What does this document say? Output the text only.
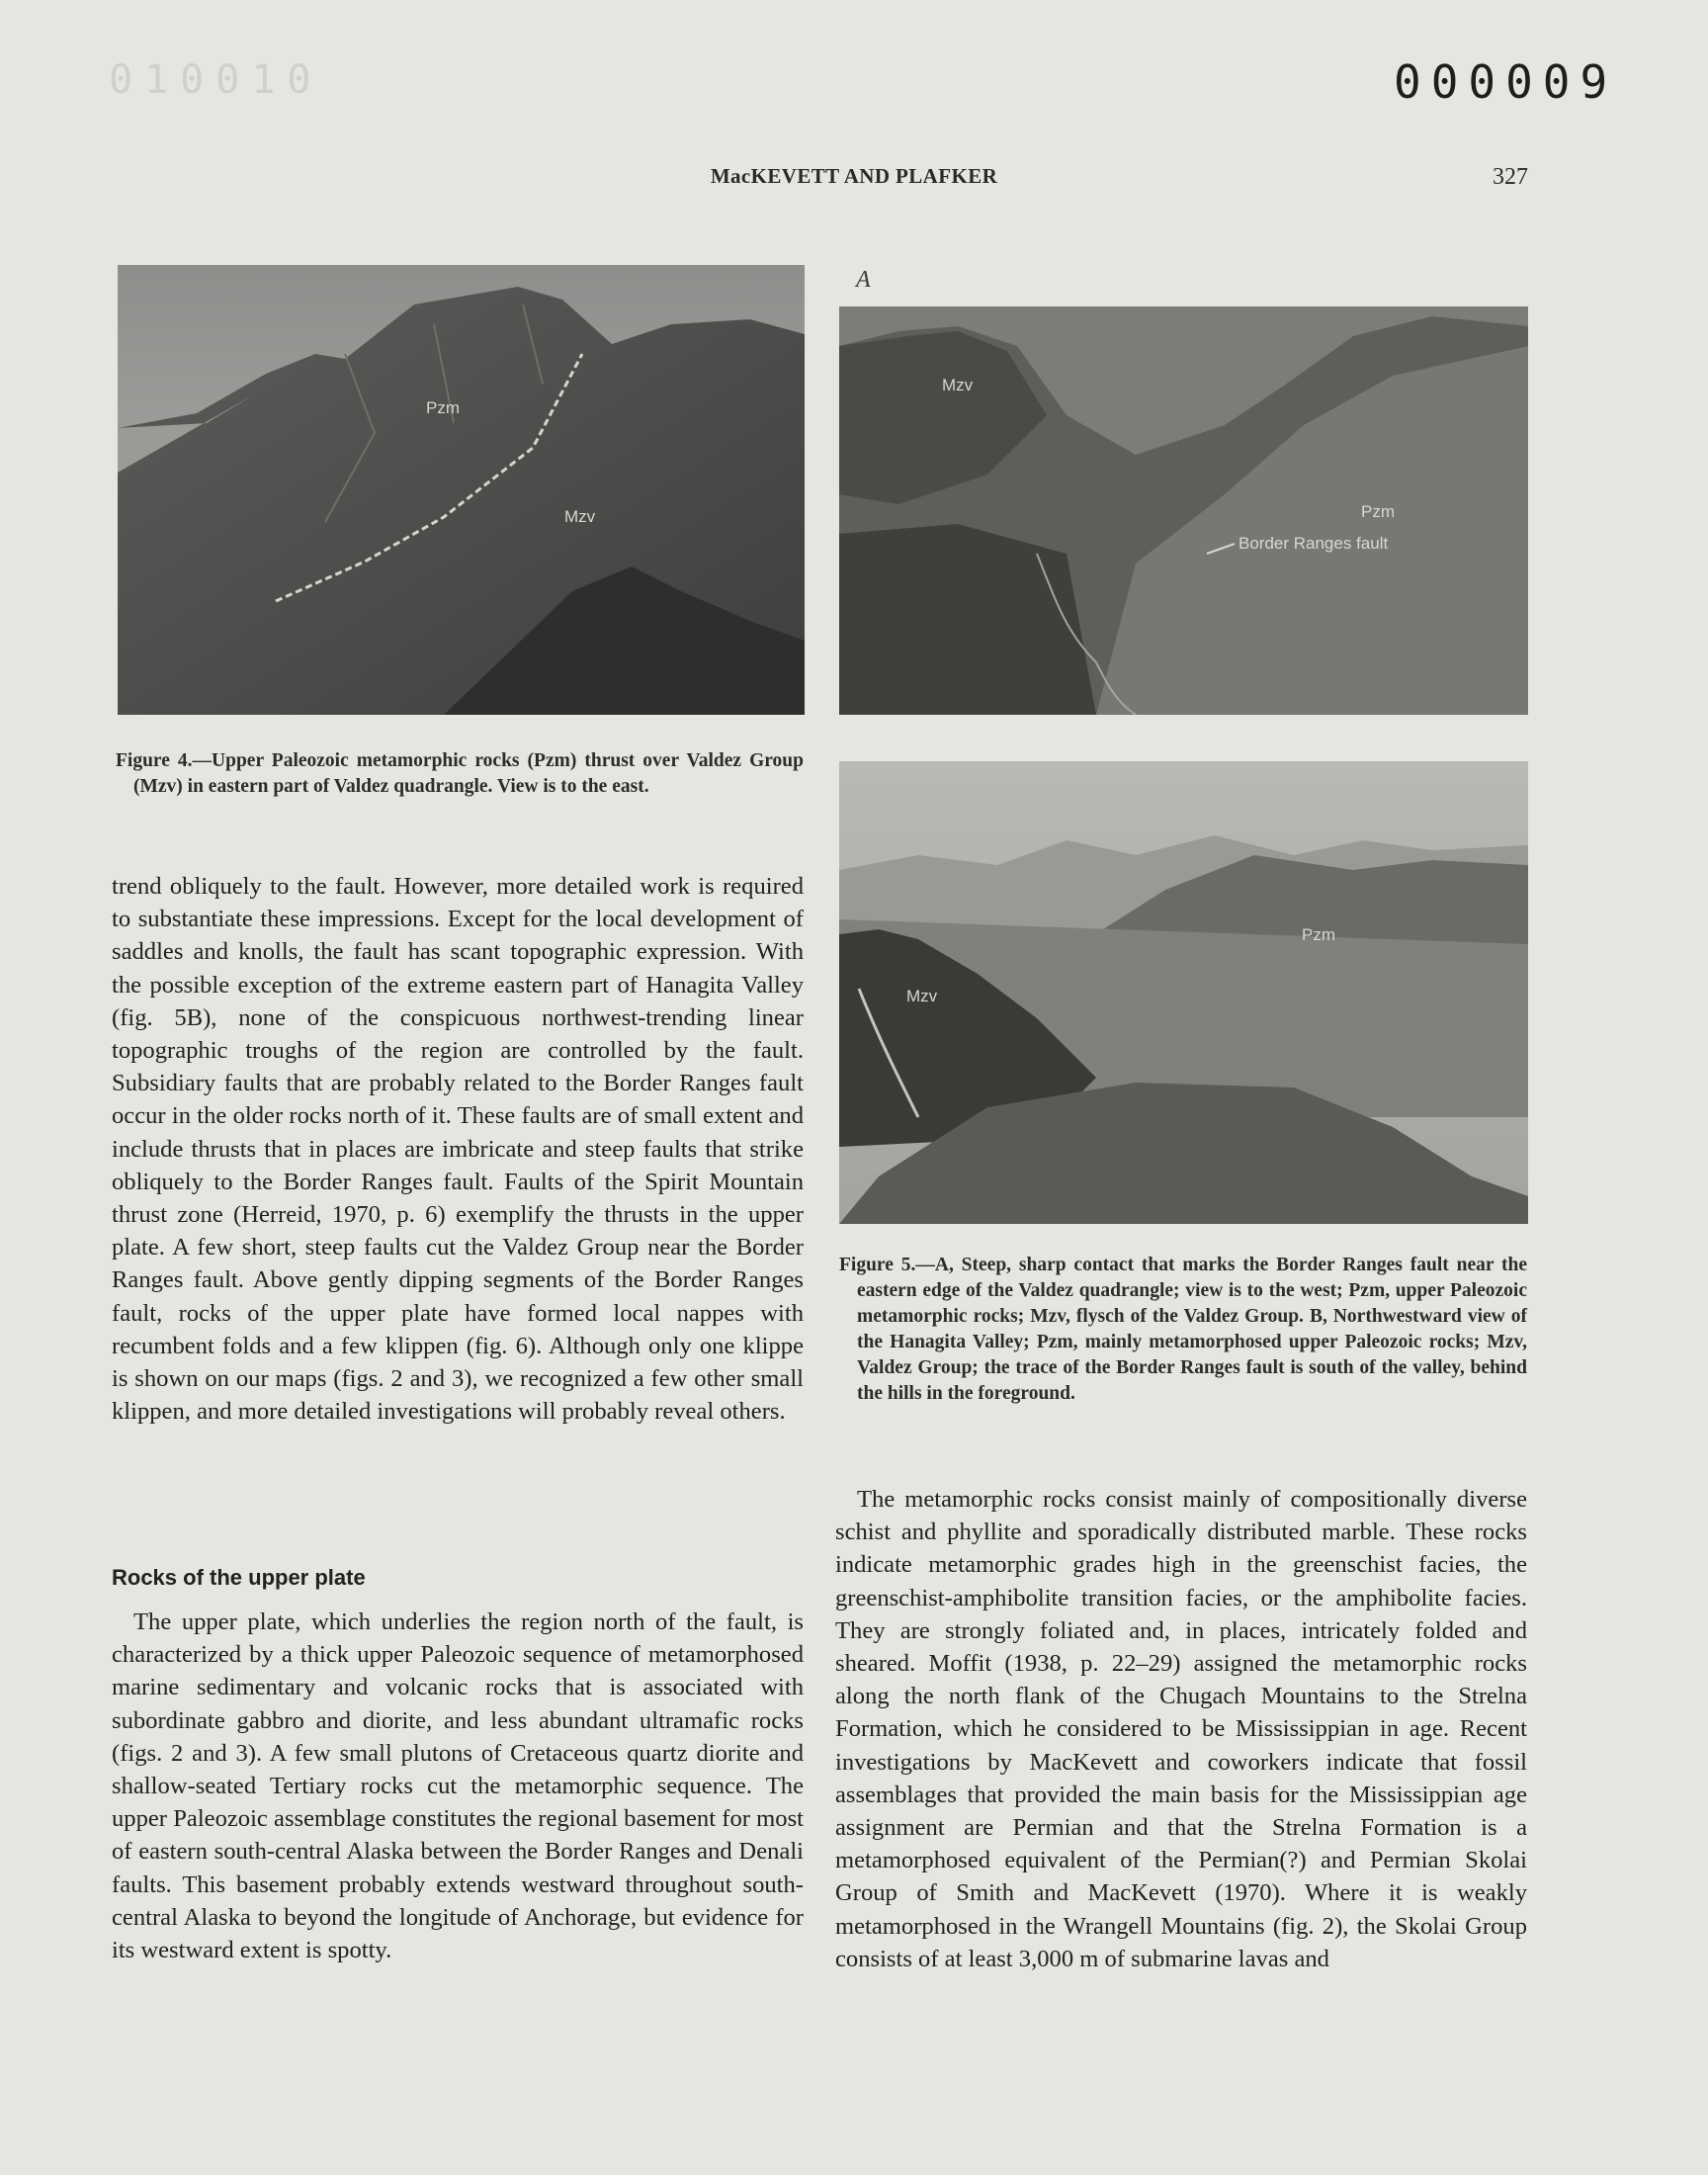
010010	000009
MacKEVETT AND PLAFKER	327
Pzm
Mzv
Figure 4.—Upper Paleozoic metamorphic rocks (Pzm) thrust over Valdez Group (Mzv) in eastern part of Valdez quadrangle. View is to the east.
A
Mzv
Pzm
Border Ranges fault
Mzv
Pzm
Figure 5.—A, Steep, sharp contact that marks the Border Ranges fault near the eastern edge of the Valdez quadrangle; view is to the west; Pzm, upper Paleozoic metamorphic rocks; Mzv, flysch of the Valdez Group. B, Northwestward view of the Hanagita Valley; Pzm, mainly metamorphosed upper Paleozoic rocks; Mzv, Valdez Group; the trace of the Border Ranges fault is south of the valley, behind the hills in the foreground.

trend obliquely to the fault. However, more detailed work is required to substantiate these impressions. Except for the local development of saddles and knolls, the fault has scant topographic expression. With the possible exception of the extreme eastern part of Hanagita Valley (fig. 5B), none of the conspicuous northwest-trending linear topographic troughs of the region are controlled by the fault. Subsidiary faults that are probably related to the Border Ranges fault occur in the older rocks north of it. These faults are of small extent and include thrusts that in places are imbricate and steep faults that strike obliquely to the Border Ranges fault. Faults of the Spirit Mountain thrust zone (Herreid, 1970, p. 6) exemplify the thrusts in the upper plate. A few short, steep faults cut the Valdez Group near the Border Ranges fault. Above gently dipping segments of the Border Ranges fault, rocks of the upper plate have formed local nappes with recumbent folds and a few klippen (fig. 6). Although only one klippe is shown on our maps (figs. 2 and 3), we recognized a few other small klippen, and more detailed investigations will probably reveal others.

Rocks of the upper plate

The upper plate, which underlies the region north of the fault, is characterized by a thick upper Paleozoic sequence of metamorphosed marine sedimentary and volcanic rocks that is associated with subordinate gabbro and diorite, and less abundant ultramafic rocks (figs. 2 and 3). A few small plutons of Cretaceous quartz diorite and shallow-seated Tertiary rocks cut the metamorphic sequence. The upper Paleozoic assemblage constitutes the regional basement for most of eastern south-central Alaska between the Border Ranges and Denali faults. This basement probably extends westward throughout south-central Alaska to beyond the longitude of Anchorage, but evidence for its westward extent is spotty.

The metamorphic rocks consist mainly of compositionally diverse schist and phyllite and sporadically distributed marble. These rocks indicate metamorphic grades high in the greenschist facies, the greenschist-amphibolite transition facies, or the amphibolite facies. They are strongly foliated and, in places, intricately folded and sheared. Moffit (1938, p. 22–29) assigned the metamorphic rocks along the north flank of the Chugach Mountains to the Strelna Formation, which he considered to be Mississippian in age. Recent investigations by MacKevett and coworkers indicate that fossil assemblages that provided the main basis for the Mississippian age assignment are Permian and that the Strelna Formation is a metamorphosed equivalent of the Permian(?) and Permian Skolai Group of Smith and MacKevett (1970). Where it is weakly metamorphosed in the Wrangell Mountains (fig. 2), the Skolai Group consists of at least 3,000 m of submarine lavas and
